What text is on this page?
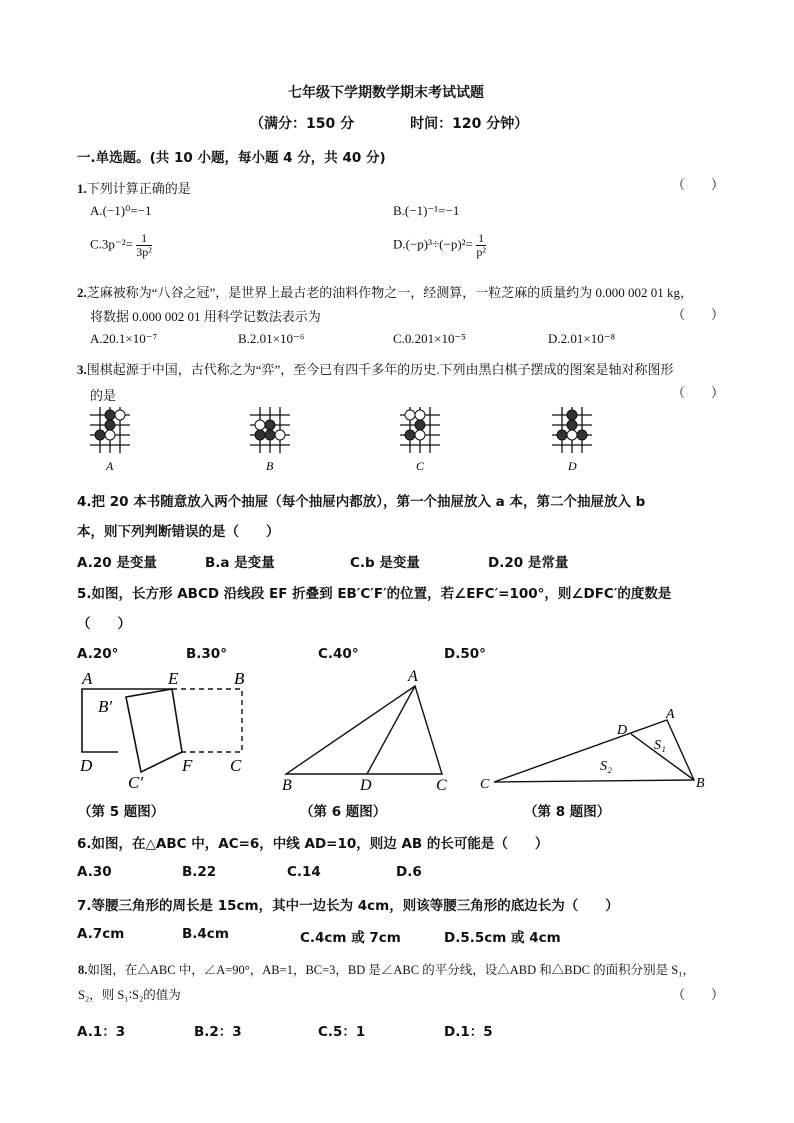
七年级下学期数学期末考试试题
（满分：150 分　　　　时间：120 分钟）
一.单选题。(共 10 小题，每小题 4 分，共 40 分)
1.下列计算正确的是	（　　）
A.(−1)⁰=−1	B.(−1)⁻¹=−1
$C.3p^{-2}= \frac{1}{\text{3p²}}$	$D.(-p)^3\div(-p)^2= \frac{1}{\text{p²}}$
2.芝麻被称为“八谷之冠”，是世界上最古老的油料作物之一，经测算，一粒芝麻的质量约为 0.000 002 01 kg，
将数据 0.000 002 01 用科学记数法表示为	（　　）
A.20.1×10⁻⁷	B.2.01×10⁻⁶	C.0.201×10⁻⁵	D.2.01×10⁻⁸
3.围棋起源于中国，古代称之为“弈”，至今已有四千多年的历史.下列由黑白棋子摆成的图案是轴对称图形
的是	（　　）
A	B	C	D
4.把 20 本书随意放入两个抽屉（每个抽屉内都放），第一个抽屉放入 a 本，第二个抽屉放入 b
本，则下列判断错误的是（　　）
A.20 是变量	B.a 是变量	C.b 是变量	D.20 是常量
5.如图，长方形 ABCD 沿线段 EF 折叠到 EB′C′F′的位置，若∠EFC′=100°，则∠DFC′的度数是
（　　）
A.20°	B.30°	C.40°	D.50°
A	E	B
B′
D
C′
F C
A
B	D	C
A
D
S₁
S₂
C	B
（第 5 题图）	（第 6 题图）	（第 8 题图）
6.如图，在△ABC 中，AC=6，中线 AD=10，则边 AB 的长可能是（　　）
A.30	B.22	C.14	D.6
7.等腰三角形的周长是 15cm，其中一边长为 4cm，则该等腰三角形的底边长为（　　）
A.7cm	B.4cm	C.4cm 或 7cm	D.5.5cm 或 4cm
8.如图，在△ABC 中，∠A=90°，AB=1，BC=3，BD 是∠ABC 的平分线，设△ABD 和△BDC 的面积分别是 S₁，
S₂，则 S₁∶S₂的值为	（　　）
A.1：3	B.2：3	C.5：1	D.1：5
